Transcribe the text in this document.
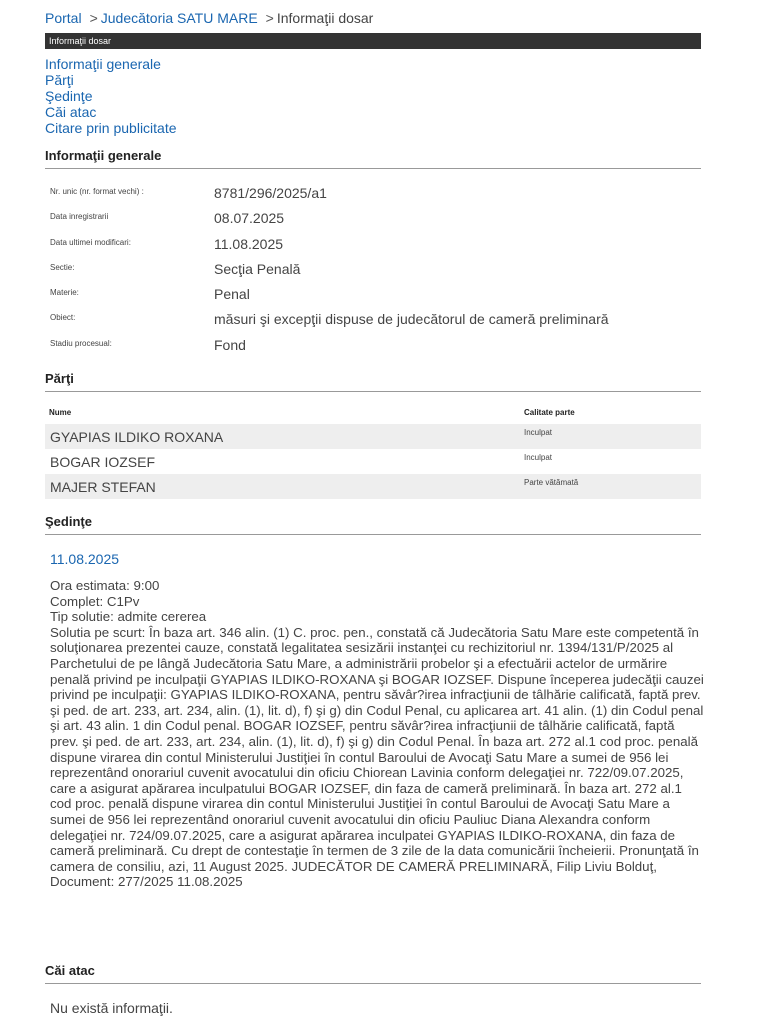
Portal > Judecătoria SATU MARE > Informaţii dosar
Informaţii dosar
Informaţii generale
Părţi
Şedinţe
Căi atac
Citare prin publicitate
Informaţii generale
Nr. unic (nr. format vechi) :	8781/296/2025/a1
Data inregistrarii	08.07.2025
Data ultimei modificari:	11.08.2025
Sectie:	Secţia Penală
Materie:	Penal
Obiect:	măsuri şi excepţii dispuse de judecătorul de cameră preliminară
Stadiu procesual:	Fond
Părţi
Nume	Calitate parte
GYAPIAS ILDIKO ROXANA	Inculpat
BOGAR IOZSEF	Inculpat
MAJER STEFAN	Parte vătămată
Şedinţe
11.08.2025
Ora estimata: 9:00
Complet: C1Pv
Tip solutie: admite cererea
Solutia pe scurt: În baza art. 346 alin. (1) C. proc. pen., constată că Judecătoria Satu Mare este competentă în soluţionarea prezentei cauze, constată legalitatea sesizării instanţei cu rechizitoriul nr. 1394/131/P/2025 al Parchetului de pe lângă Judecătoria Satu Mare, a administrării probelor şi a efectuării actelor de urmărire penală privind pe inculpaţii GYAPIAS ILDIKO-ROXANA şi BOGAR IOZSEF. Dispune începerea judecăţii cauzei privind pe inculpaţii: GYAPIAS ILDIKO-ROXANA, pentru săvâr?irea infracţiunii de tâlhărie calificată, faptă prev. şi ped. de art. 233, art. 234, alin. (1), lit. d), f) şi g) din Codul Penal, cu aplicarea art. 41 alin. (1) din Codul penal şi art. 43 alin. 1 din Codul penal. BOGAR IOZSEF, pentru săvâr?irea infracţiunii de tâlhărie calificată, faptă prev. şi ped. de art. 233, art. 234, alin. (1), lit. d), f) şi g) din Codul Penal. În baza art. 272 al.1 cod proc. penală dispune virarea din contul Ministerului Justiţiei în contul Baroului de Avocaţi Satu Mare a sumei de 956 lei reprezentând onorariul cuvenit avocatului din oficiu Chiorean Lavinia conform delegaţiei nr. 722/09.07.2025, care a asigurat apărarea inculpatului BOGAR IOZSEF, din faza de cameră preliminară. În baza art. 272 al.1 cod proc. penală dispune virarea din contul Ministerului Justiţiei în contul Baroului de Avocaţi Satu Mare a sumei de 956 lei reprezentând onorariul cuvenit avocatului din oficiu Pauliuc Diana Alexandra conform delegaţiei nr. 724/09.07.2025, care a asigurat apărarea inculpatei GYAPIAS ILDIKO-ROXANA, din faza de cameră preliminară. Cu drept de contestaţie în termen de 3 zile de la data comunicării încheierii. Pronunţată în camera de consiliu, azi, 11 August 2025. JUDECĂTOR DE CAMERĂ PRELIMINARĂ, Filip Liviu Bolduţ,
Document: 277/2025 11.08.2025
Căi atac
Nu există informaţii.
